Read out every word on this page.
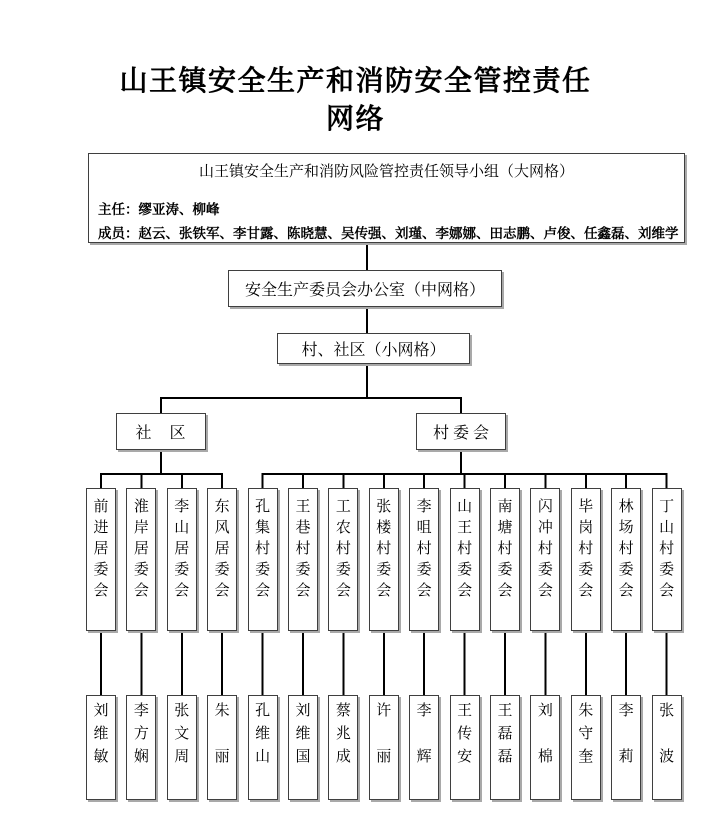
山王镇安全生产和消防安全管控责任
网络
山王镇安全生产和消防风险管控责任领导小组（大网格）
主任：缪亚涛、柳峰
成员：赵云、张铁军、李甘露、陈晓慧、吴传强、刘瑾、李娜娜、田志鹏、卢俊、任鑫磊、刘维学
安全生产委员会办公室（中网格）
村、社区（小网格）
社　区	村 委 会
前
进
居
委
会
刘
维
敏
淮
岸
居
委
会
李
方
娴
李
山
居
委
会
张
文
周
东
风
居
委
会
朱
丽
孔
集
村
委
会
孔
维
山
王
巷
村
委
会
刘
维
国
工
农
村
委
会
蔡
兆
成
张
楼
村
委
会
许
丽
李
咀
村
委
会
李
辉
山
王
村
委
会
王
传
安
南
塘
村
委
会
王
磊
磊
闪
冲
村
委
会
刘
棉
毕
岗
村
委
会
朱
守
奎
林
场
村
委
会
李
莉
丁
山
村
委
会
张
波
